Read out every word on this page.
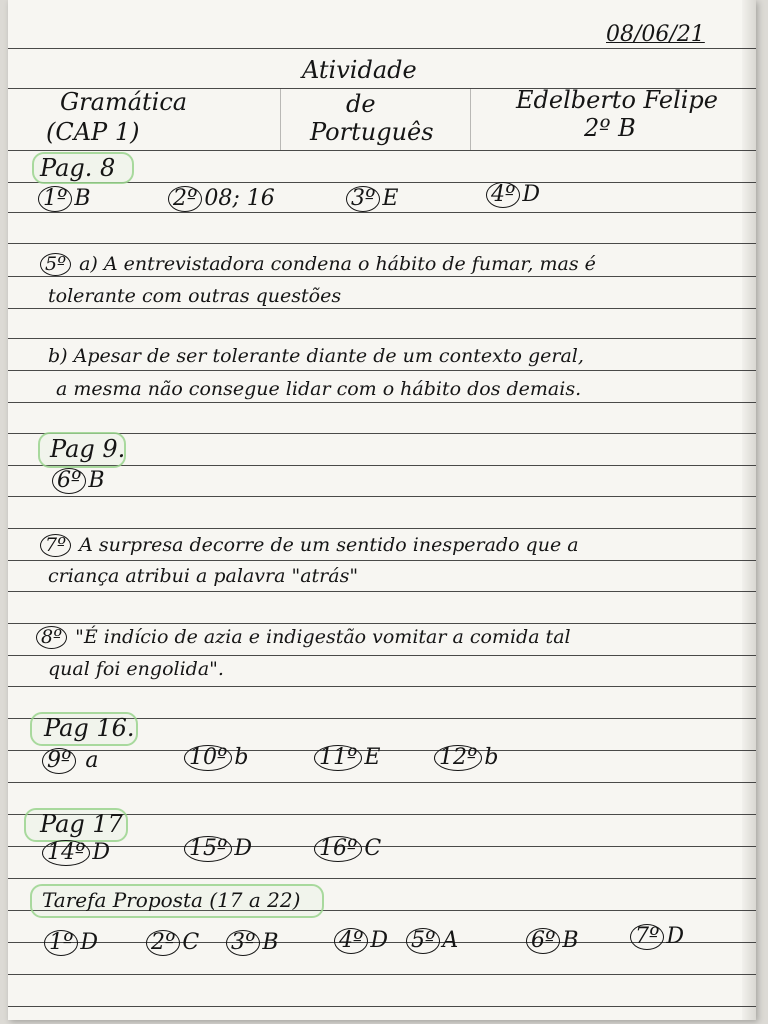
08/06/21
Gramática
(CAP 1)
Atividade
de
Português
Edelberto Felipe
2º B
Pag. 8
1º B	2º 08; 16	3º E	4º D
5º a) A entrevistadora condena o hábito de fumar, mas é
tolerante com outras questões
b) Apesar de ser tolerante diante de um contexto geral,
a mesma não consegue lidar com o hábito dos demais.
Pag 9.
6º B
7º A surpresa decorre de um sentido inesperado que a
criança atribui a palavra "atrás"
8º "É indício de azia e indigestão vomitar a comida tal
qual foi engolida".
Pag 16.
9º a	10º b	11º E	12º b
Pag 17
14º D	15º D	16º C
Tarefa Proposta (17 a 22)
1º D 2º C 3º B	4º D 5º A	6º B	7º D
